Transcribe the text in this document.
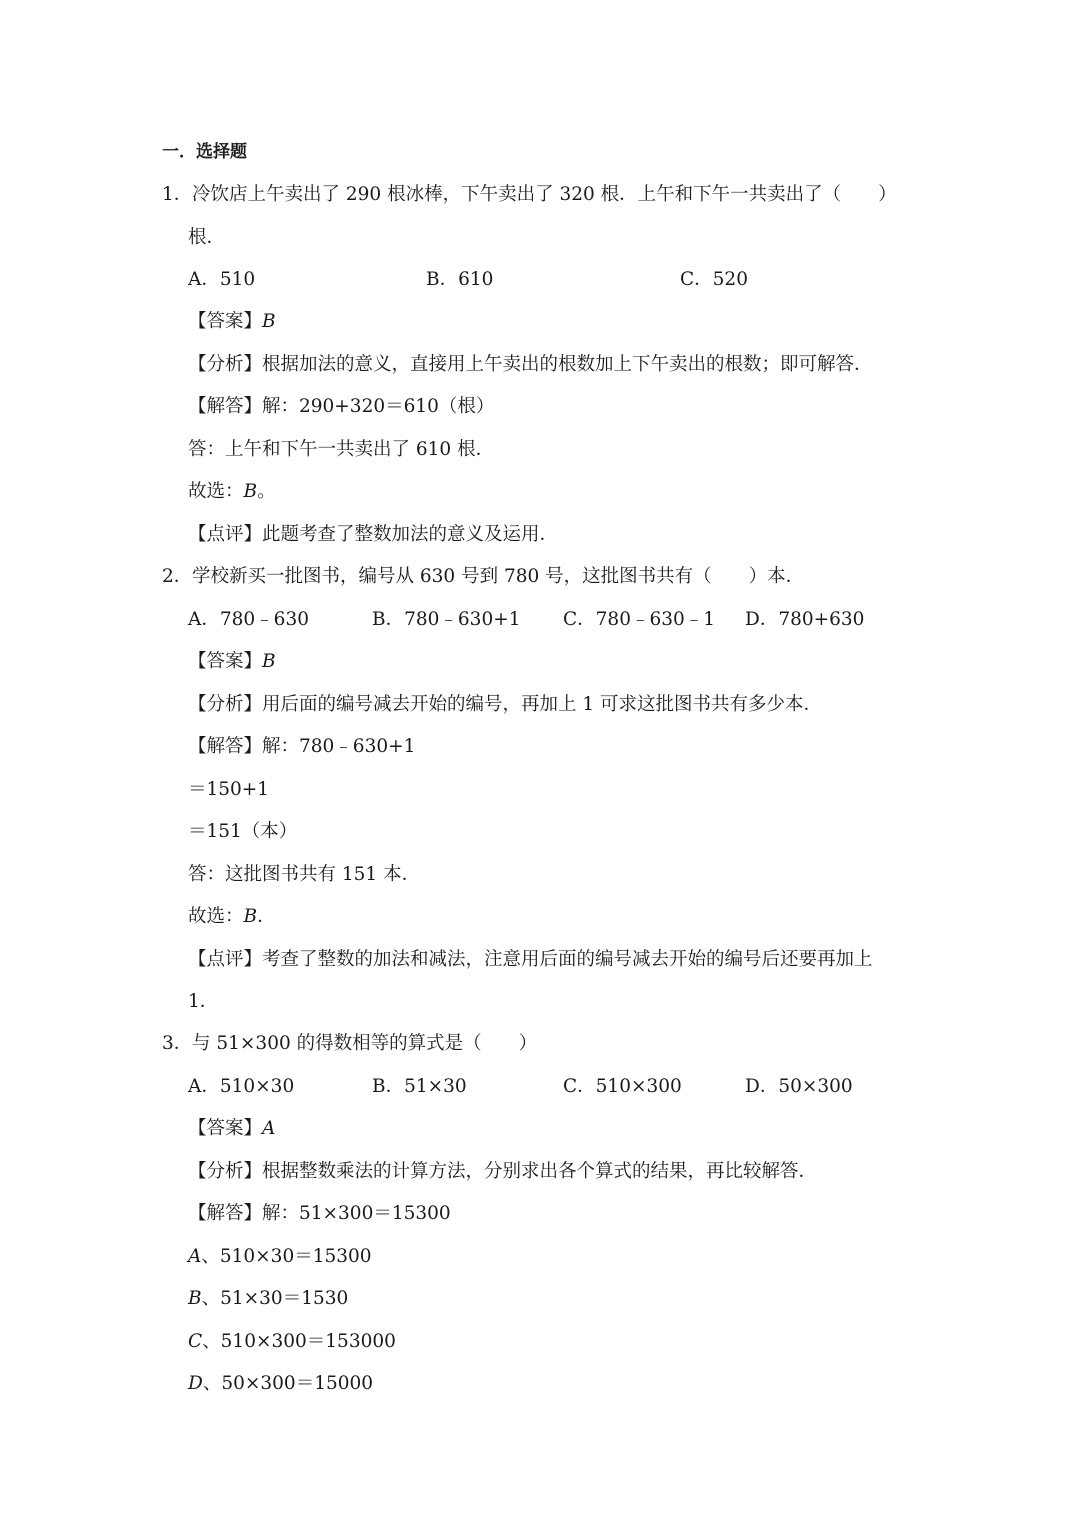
一．选择题
1． 冷饮店上午卖出了 290 根冰棒，下午卖出了 320 根．上午和下午一共卖出了（　　）
根．
A．510	B．610	C．520
【答案】B
【分析】根据加法的意义，直接用上午卖出的根数加上下午卖出的根数；即可解答．
【解答】解：290+320＝610（根）
答：上午和下午一共卖出了 610 根．
故选：B。
【点评】此题考查了整数加法的意义及运用．
2． 学校新买一批图书，编号从 630 号到 780 号，这批图书共有（　　）本．
A．780﹣630	B．780﹣630+1 C．780﹣630﹣1 D．780+630
【答案】B
【分析】用后面的编号减去开始的编号，再加上 1 可求这批图书共有多少本．
【解答】解：780﹣630+1
＝150+1
＝151（本）
答：这批图书共有 151 本．
故选：B．
【点评】考查了整数的加法和减法，注意用后面的编号减去开始的编号后还要再加上
1．
3． 与 51×300 的得数相等的算式是（　　）
A．510×30	B．51×30	C．510×300	D．50×300
【答案】A
【分析】根据整数乘法的计算方法，分别求出各个算式的结果，再比较解答．
【解答】解：51×300＝15300
A、510×30＝15300
B、51×30＝1530
C、510×300＝153000
D、50×300＝15000
